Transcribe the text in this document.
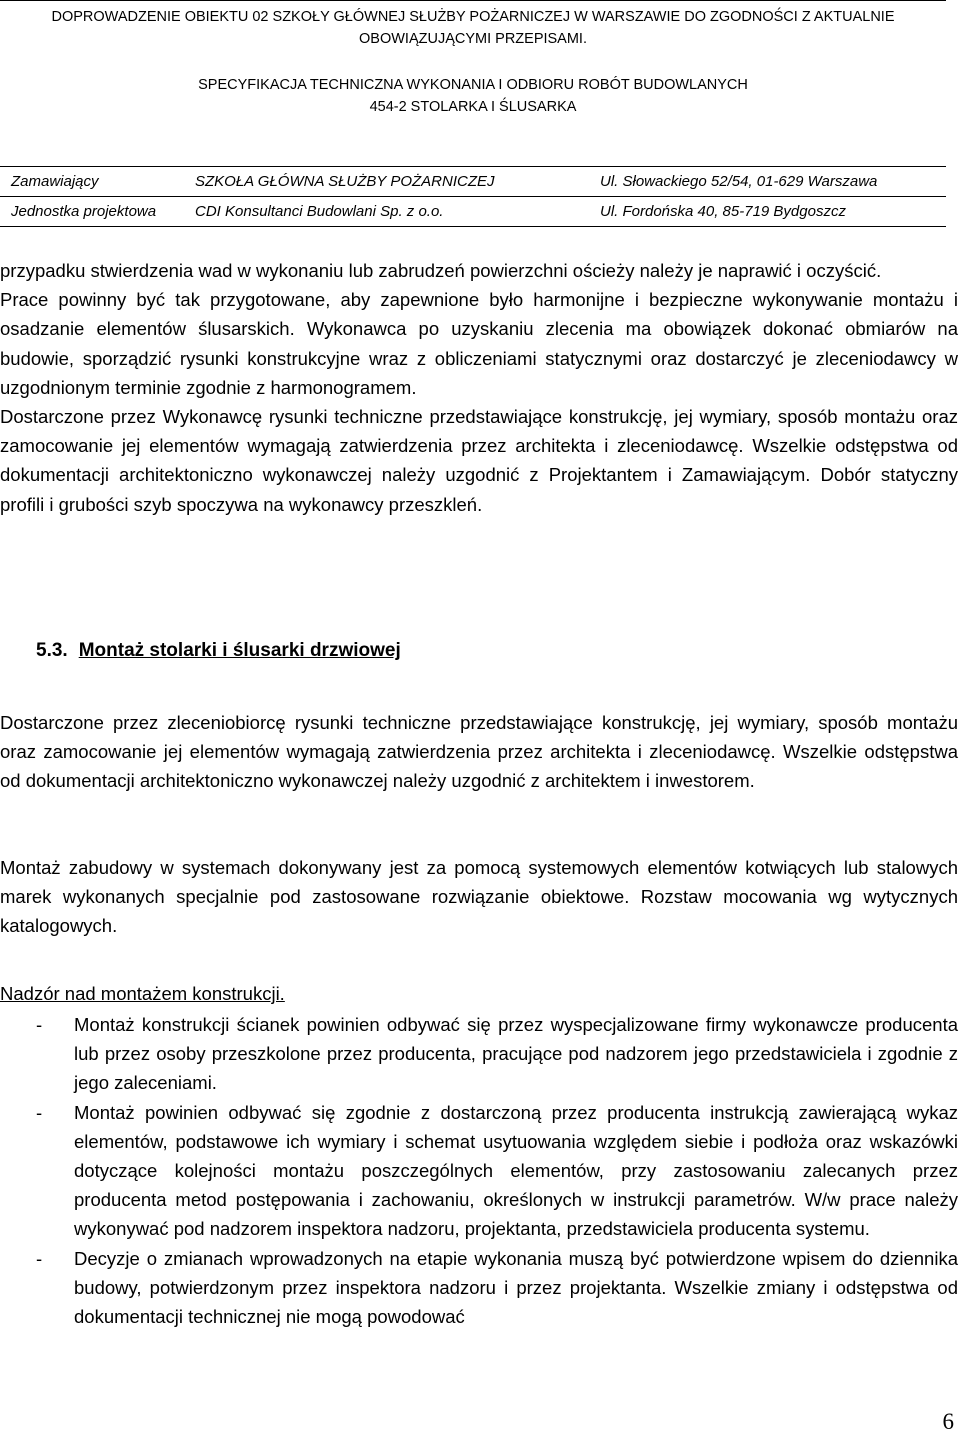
DOPROWADZENIE OBIEKTU 02 SZKOŁY GŁÓWNEJ SŁUŻBY POŻARNICZEJ W WARSZAWIE DO ZGODNOŚCI Z AKTUALNIE
OBOWIĄZUJĄCYMI PRZEPISAMI.
SPECYFIKACJA TECHNICZNA WYKONANIA I ODBIORU ROBÓT BUDOWLANYCH
454-2 STOLARKA I ŚLUSARKA
Zamawiający	SZKOŁA GŁÓWNA SŁUŻBY POŻARNICZEJ	Ul. Słowackiego 52/54, 01-629 Warszawa
Jednostka projektowa	CDI Konsultanci Budowlani Sp. z o.o.	Ul. Fordońska 40, 85-719 Bydgoszcz

przypadku stwierdzenia wad w wykonaniu lub zabrudzeń powierzchni ościeży należy je naprawić i oczyścić.

Prace powinny być tak przygotowane, aby zapewnione było harmonijne i bezpieczne wykonywanie montażu i osadzanie elementów ślusarskich. Wykonawca po uzyskaniu zlecenia ma obowiązek dokonać obmiarów na budowie, sporządzić rysunki konstrukcyjne wraz z obliczeniami statycznymi oraz dostarczyć je zleceniodawcy w uzgodnionym terminie zgodnie z harmonogramem.

Dostarczone przez Wykonawcę rysunki techniczne przedstawiające konstrukcję, jej wymiary, sposób montażu oraz zamocowanie jej elementów wymagają zatwierdzenia przez architekta i zleceniodawcę. Wszelkie odstępstwa od dokumentacji architektoniczno wykonawczej należy uzgodnić z Projektantem i Zamawiającym. Dobór statyczny profili i grubości szyb spoczywa na wykonawcy przeszkleń.

5.3. Montaż stolarki i ślusarki drzwiowej

Dostarczone przez zleceniobiorcę rysunki techniczne przedstawiające konstrukcję, jej wymiary, sposób montażu oraz zamocowanie jej elementów wymagają zatwierdzenia przez architekta i zleceniodawcę. Wszelkie odstępstwa od dokumentacji architektoniczno wykonawczej należy uzgodnić z architektem i inwestorem.

Montaż zabudowy w systemach dokonywany jest za pomocą systemowych elementów kotwiących lub stalowych marek wykonanych specjalnie pod zastosowane rozwiązanie obiektowe. Rozstaw mocowania wg wytycznych katalogowych.

Nadzór nad montażem konstrukcji.
- Montaż konstrukcji ścianek powinien odbywać się przez wyspecjalizowane firmy wykonawcze producenta lub przez osoby przeszkolone przez producenta, pracujące pod nadzorem jego przedstawiciela i zgodnie z jego zaleceniami.
- Montaż powinien odbywać się zgodnie z dostarczoną przez producenta instrukcją zawierającą wykaz elementów, podstawowe ich wymiary i schemat usytuowania względem siebie i podłoża oraz wskazówki dotyczące kolejności montażu poszczególnych elementów, przy zastosowaniu zalecanych przez producenta metod postępowania i zachowaniu, określonych w instrukcji parametrów. W/w prace należy wykonywać pod nadzorem inspektora nadzoru, projektanta, przedstawiciela producenta systemu.
- Decyzje o zmianach wprowadzonych na etapie wykonania muszą być potwierdzone wpisem do dziennika budowy, potwierdzonym przez inspektora nadzoru i przez projektanta. Wszelkie zmiany i odstępstwa od dokumentacji technicznej nie mogą powodować
6
